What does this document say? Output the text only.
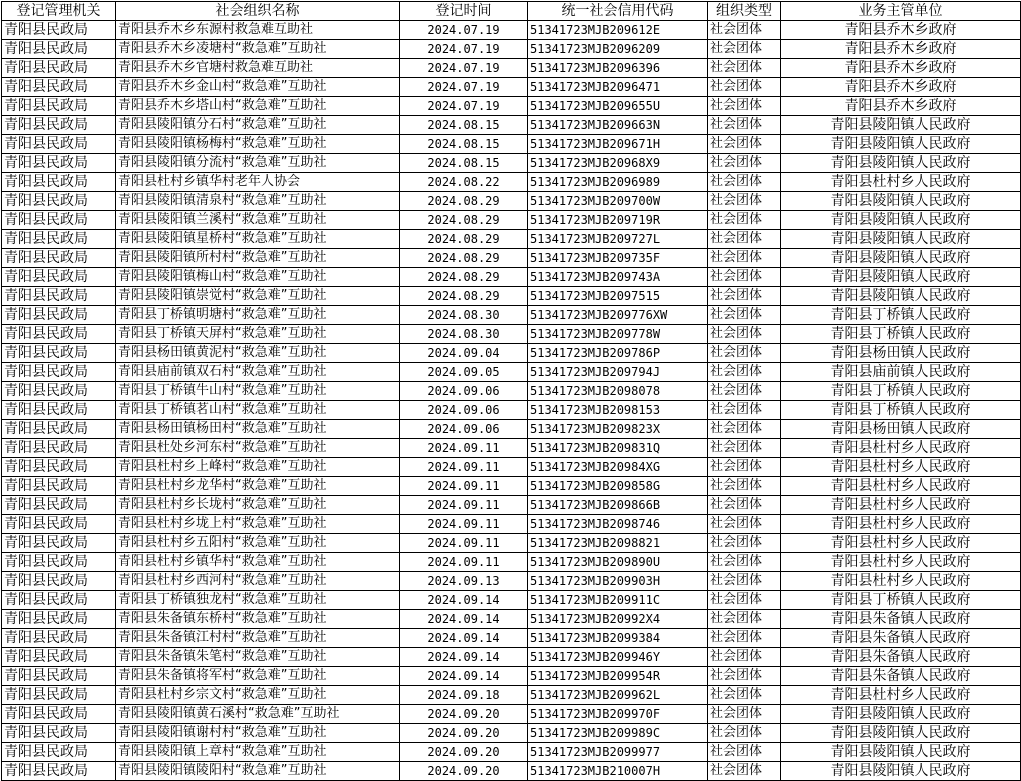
登记管理机关	社会组织名称	登记时间	统一社会信用代码	组织类型	业务主管单位
青阳县民政局	青阳县乔木乡东源村救急难互助社	2024.07.19	51341723MJB209612E	社会团体	青阳县乔木乡政府
青阳县民政局	青阳县乔木乡凌塘村“救急难”互助社	2024.07.19	51341723MJB2096209	社会团体	青阳县乔木乡政府
青阳县民政局	青阳县乔木乡官塘村救急难互助社	2024.07.19	51341723MJB2096396	社会团体	青阳县乔木乡政府
青阳县民政局	青阳县乔木乡金山村“救急难”互助社	2024.07.19	51341723MJB2096471	社会团体	青阳县乔木乡政府
青阳县民政局	青阳县乔木乡塔山村“救急难”互助社	2024.07.19	51341723MJB209655U	社会团体	青阳县乔木乡政府
青阳县民政局	青阳县陵阳镇分石村“救急难”互助社	2024.08.15	51341723MJB209663N	社会团体	青阳县陵阳镇人民政府
青阳县民政局	青阳县陵阳镇杨梅村“救急难”互助社	2024.08.15	51341723MJB209671H	社会团体	青阳县陵阳镇人民政府
青阳县民政局	青阳县陵阳镇分流村“救急难”互助社	2024.08.15	51341723MJB20968X9	社会团体	青阳县陵阳镇人民政府
青阳县民政局	青阳县杜村乡镇华村老年人协会	2024.08.22	51341723MJB2096989	社会团体	青阳县杜村乡人民政府
青阳县民政局	青阳县陵阳镇清泉村“救急难”互助社	2024.08.29	51341723MJB209700W	社会团体	青阳县陵阳镇人民政府
青阳县民政局	青阳县陵阳镇兰溪村“救急难”互助社	2024.08.29	51341723MJB209719R	社会团体	青阳县陵阳镇人民政府
青阳县民政局	青阳县陵阳镇星桥村“救急难”互助社	2024.08.29	51341723MJB209727L	社会团体	青阳县陵阳镇人民政府
青阳县民政局	青阳县陵阳镇所村村“救急难”互助社	2024.08.29	51341723MJB209735F	社会团体	青阳县陵阳镇人民政府
青阳县民政局	青阳县陵阳镇梅山村“救急难”互助社	2024.08.29	51341723MJB209743A	社会团体	青阳县陵阳镇人民政府
青阳县民政局	青阳县陵阳镇崇觉村“救急难”互助社	2024.08.29	51341723MJB2097515	社会团体	青阳县陵阳镇人民政府
青阳县民政局	青阳县丁桥镇明塘村“救急难”互助社	2024.08.30	51341723MJB209776XW	社会团体	青阳县丁桥镇人民政府
青阳县民政局	青阳县丁桥镇天屏村“救急难”互助社	2024.08.30	51341723MJB209778W	社会团体	青阳县丁桥镇人民政府
青阳县民政局	青阳县杨田镇黄泥村“救急难”互助社	2024.09.04	51341723MJB209786P	社会团体	青阳县杨田镇人民政府
青阳县民政局	青阳县庙前镇双石村“救急难”互助社	2024.09.05	51341723MJB209794J	社会团体	青阳县庙前镇人民政府
青阳县民政局	青阳县丁桥镇牛山村“救急难”互助社	2024.09.06	51341723MJB2098078	社会团体	青阳县丁桥镇人民政府
青阳县民政局	青阳县丁桥镇茗山村“救急难”互助社	2024.09.06	51341723MJB2098153	社会团体	青阳县丁桥镇人民政府
青阳县民政局	青阳县杨田镇杨田村“救急难”互助社	2024.09.06	51341723MJB209823X	社会团体	青阳县杨田镇人民政府
青阳县民政局	青阳县杜处乡河东村“救急难”互助社	2024.09.11	51341723MJB209831Q	社会团体	青阳县杜村乡人民政府
青阳县民政局	青阳县杜村乡上峰村“救急难”互助社	2024.09.11	51341723MJB20984XG	社会团体	青阳县杜村乡人民政府
青阳县民政局	青阳县杜村乡龙华村“救急难”互助社	2024.09.11	51341723MJB209858G	社会团体	青阳县杜村乡人民政府
青阳县民政局	青阳县杜村乡长垅村“救急难”互助社	2024.09.11	51341723MJB209866B	社会团体	青阳县杜村乡人民政府
青阳县民政局	青阳县杜村乡垅上村“救急难”互助社	2024.09.11	51341723MJB2098746	社会团体	青阳县杜村乡人民政府
青阳县民政局	青阳县杜村乡五阳村“救急难”互助社	2024.09.11	51341723MJB2098821	社会团体	青阳县杜村乡人民政府
青阳县民政局	青阳县杜村乡镇华村“救急难”互助社	2024.09.11	51341723MJB209890U	社会团体	青阳县杜村乡人民政府
青阳县民政局	青阳县杜村乡西河村“救急难”互助社	2024.09.13	51341723MJB209903H	社会团体	青阳县杜村乡人民政府
青阳县民政局	青阳县丁桥镇独龙村“救急难”互助社	2024.09.14	51341723MJB209911C	社会团体	青阳县丁桥镇人民政府
青阳县民政局	青阳县朱备镇东桥村“救急难”互助社	2024.09.14	51341723MJB20992X4	社会团体	青阳县朱备镇人民政府
青阳县民政局	青阳县朱备镇江村村“救急难”互助社	2024.09.14	51341723MJB2099384	社会团体	青阳县朱备镇人民政府
青阳县民政局	青阳县朱备镇朱笔村“救急难”互助社	2024.09.14	51341723MJB209946Y	社会团体	青阳县朱备镇人民政府
青阳县民政局	青阳县朱备镇将军村“救急难”互助社	2024.09.14	51341723MJB209954R	社会团体	青阳县朱备镇人民政府
青阳县民政局	青阳县杜村乡宗文村“救急难”互助社	2024.09.18	51341723MJB209962L	社会团体	青阳县杜村乡人民政府
青阳县民政局	青阳县陵阳镇黄石溪村“救急难”互助社	2024.09.20	51341723MJB209970F	社会团体	青阳县陵阳镇人民政府
青阳县民政局	青阳县陵阳镇谢村村“救急难”互助社	2024.09.20	51341723MJB209989C	社会团体	青阳县陵阳镇人民政府
青阳县民政局	青阳县陵阳镇上章村“救急难”互助社	2024.09.20	51341723MJB2099977	社会团体	青阳县陵阳镇人民政府
青阳县民政局	青阳县陵阳镇陵阳村“救急难”互助社	2024.09.20	51341723MJB210007H	社会团体	青阳县陵阳镇人民政府
